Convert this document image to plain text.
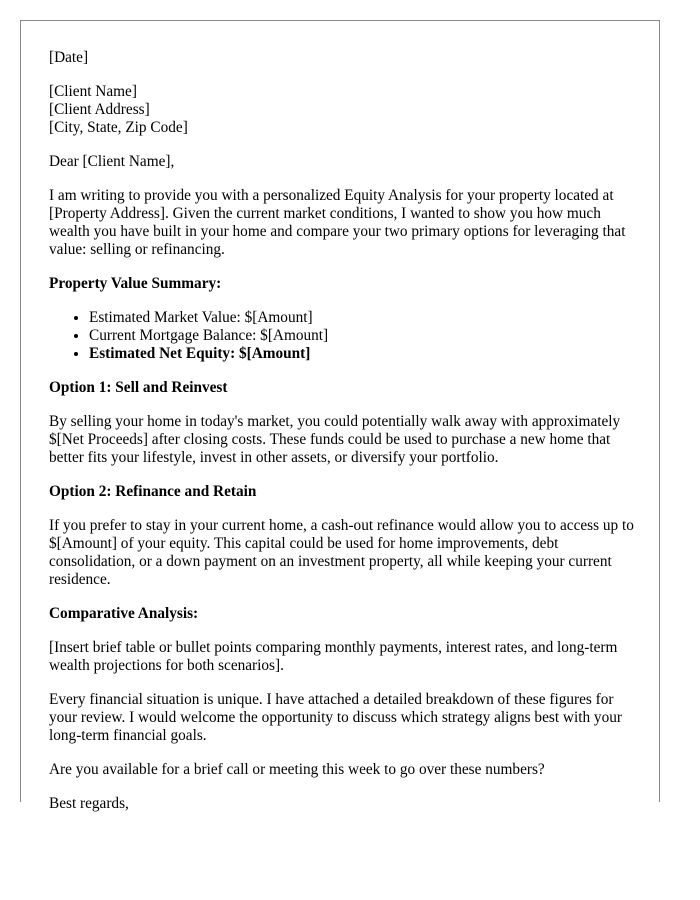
[Date]

[Client Name]
[Client Address]
[City, State, Zip Code]

Dear [Client Name],

I am writing to provide you with a personalized Equity Analysis for your property located at [Property Address]. Given the current market conditions, I wanted to show you how much wealth you have built in your home and compare your two primary options for leveraging that value: selling or refinancing.

Property Value Summary:

• Estimated Market Value: $[Amount]
• Current Mortgage Balance: $[Amount]
• Estimated Net Equity: $[Amount]

Option 1: Sell and Reinvest

By selling your home in today's market, you could potentially walk away with approximately $[Net Proceeds] after closing costs. These funds could be used to purchase a new home that better fits your lifestyle, invest in other assets, or diversify your portfolio.

Option 2: Refinance and Retain

If you prefer to stay in your current home, a cash-out refinance would allow you to access up to $[Amount] of your equity. This capital could be used for home improvements, debt consolidation, or a down payment on an investment property, all while keeping your current residence.

Comparative Analysis:

[Insert brief table or bullet points comparing monthly payments, interest rates, and long-term wealth projections for both scenarios].

Every financial situation is unique. I have attached a detailed breakdown of these figures for your review. I would welcome the opportunity to discuss which strategy aligns best with your long-term financial goals.

Are you available for a brief call or meeting this week to go over these numbers?

Best regards,
